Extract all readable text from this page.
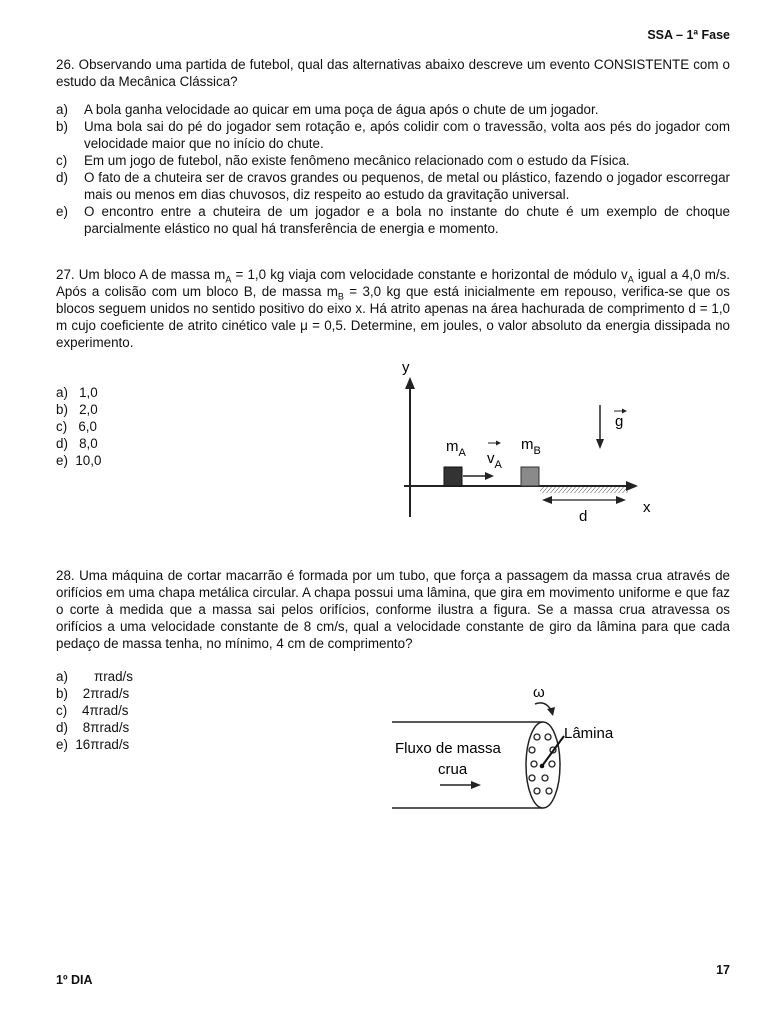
SSA – 1ª Fase

26. Observando uma partida de futebol, qual das alternativas abaixo descreve um evento CONSISTENTE com o estudo da Mecânica Clássica?

a)	A bola ganha velocidade ao quicar em uma poça de água após o chute de um jogador.
b)	Uma bola sai do pé do jogador sem rotação e, após colidir com o travessão, volta aos pés do jogador com velocidade maior que no início do chute.
c)	Em um jogo de futebol, não existe fenômeno mecânico relacionado com o estudo da Física.
d)	O fato de a chuteira ser de cravos grandes ou pequenos, de metal ou plástico, fazendo o jogador escorregar mais ou menos em dias chuvosos, diz respeito ao estudo da gravitação universal.
e)	O encontro entre a chuteira de um jogador e a bola no instante do chute é um exemplo de choque parcialmente elástico no qual há transferência de energia e momento.

27. Um bloco A de massa $m_A = 1,0$ kg viaja com velocidade constante e horizontal de módulo $v_A$ igual a 4,0 m/s. Após a colisão com um bloco B, de massa $m_B = 3,0$ kg que está inicialmente em repouso, verifica-se que os blocos seguem unidos no sentido positivo do eixo x. Há atrito apenas na área hachurada de comprimento d = 1,0 m cujo coeficiente de atrito cinético vale μ = 0,5. Determine, em joules, o valor absoluto da energia dissipada no experimento.

a)   1,0
b)   2,0
c)   6,0
d)   8,0
e)  10,0
y
x
$m_A$ $v_A$
$m_B$
g
d

28. Uma máquina de cortar macarrão é formada por um tubo, que força a passagem da massa crua através de orifícios em uma chapa metálica circular. A chapa possui uma lâmina, que gira em movimento uniforme e que faz o corte à medida que a massa sai pelos orifícios, conforme ilustra a figura. Se a massa crua atravessa os orifícios a uma velocidade constante de 8 cm/s, qual a velocidade constante de giro da lâmina para que cada pedaço de massa tenha, no mínimo, 4 cm de comprimento?

a)       πrad/s
b)    2πrad/s
c)    4πrad/s
d)    8πrad/s
e)  16πrad/s
ω
Lâmina
Fluxo de massa
crua
17
1º DIA
